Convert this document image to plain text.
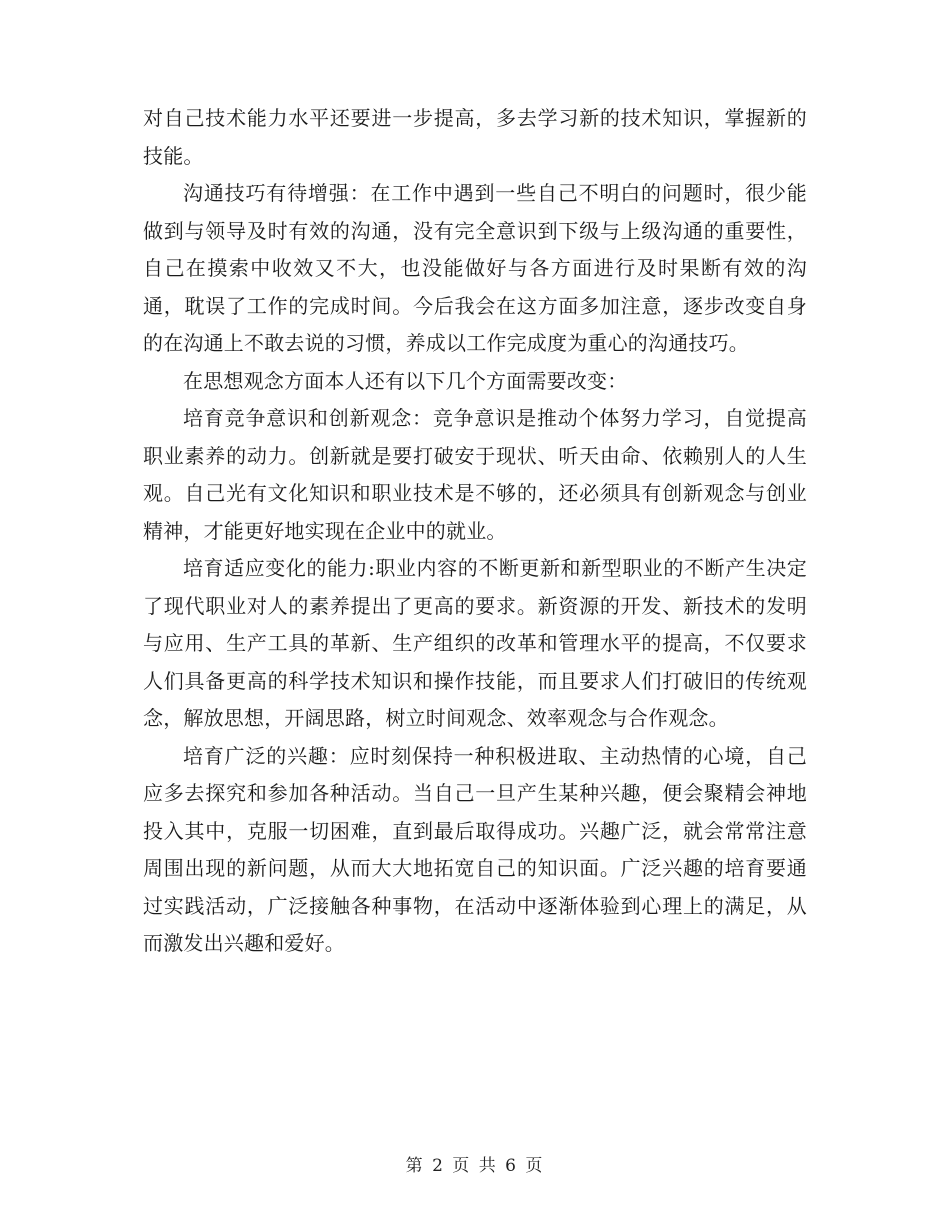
对自己技术能力水平还要进一步提高，多去学习新的技术知识，掌握新的技能。

沟通技巧有待增强：在工作中遇到一些自己不明白的问题时，很少能做到与领导及时有效的沟通，没有完全意识到下级与上级沟通的重要性，自己在摸索中收效又不大，也没能做好与各方面进行及时果断有效的沟通，耽误了工作的完成时间。今后我会在这方面多加注意，逐步改变自身的在沟通上不敢去说的习惯，养成以工作完成度为重心的沟通技巧。

在思想观念方面本人还有以下几个方面需要改变：

培育竞争意识和创新观念：竞争意识是推动个体努力学习，自觉提高职业素养的动力。创新就是要打破安于现状、听天由命、依赖别人的人生观。自己光有文化知识和职业技术是不够的，还必须具有创新观念与创业精神，才能更好地实现在企业中的就业。

培育适应变化的能力:职业内容的不断更新和新型职业的不断产生决定了现代职业对人的素养提出了更高的要求。新资源的开发、新技术的发明与应用、生产工具的革新、生产组织的改革和管理水平的提高，不仅要求人们具备更高的科学技术知识和操作技能，而且要求人们打破旧的传统观念，解放思想，开阔思路，树立时间观念、效率观念与合作观念。

培育广泛的兴趣：应时刻保持一种积极进取、主动热情的心境，自己应多去探究和参加各种活动。当自己一旦产生某种兴趣，便会聚精会神地投入其中，克服一切困难，直到最后取得成功。兴趣广泛，就会常常注意周围出现的新问题，从而大大地拓宽自己的知识面。广泛兴趣的培育要通过实践活动，广泛接触各种事物，在活动中逐渐体验到心理上的满足，从而激发出兴趣和爱好。

第 2 页 共 6 页
